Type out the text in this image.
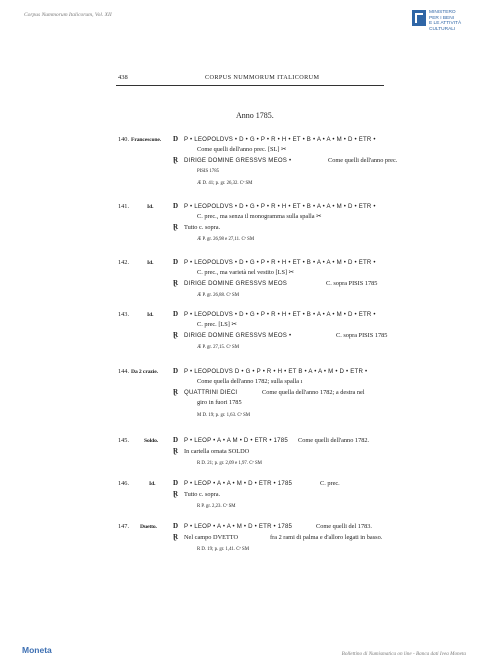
Corpus Nummorum Italicorum, Vol. XII	MINISTERO
PER I BENI
E LE ATTIVITÀ
CULTURALI
438	CORPUS NUMMORUM ITALICORUM
Anno 1785.
140. Francescone. D P • LEOPOLDVS • D • G • P • R • H • ET • B • A • A • M • D • ETR •
Come quelli dell'anno prec. [SL] ✂
Ɽ DIRIGE DOMINE GRESSVS MEOS •	Come quelli dell'anno prec.
PISIS 1785
Æ D. 41; p. gr. 26,32. Cª SM
141.	Id.	D P • LEOPOLDVS • D • G • P • R • H • ET • B • A • A • M • D • ETR •
C. prec., ma senza il monogramma sulla spalla ✂
Ɽ Tutto c. sopra.
Æ P. gr. 26,98 e 27,11. Cª SM
142.	Id.	D P • LEOPOLDVS • D • G • P • R • H • ET • B • A • A • M • D • ETR •
C. prec., ma varietà nel vestito [LS] ✂
Ɽ DIRIGE DOMINE GRESSVS MEOS	C. sopra PISIS 1785
Æ P. gr. 26,88. Cª SM
143.	Id.	D P • LEOPOLDVS • D • G • P • R • H • ET • B • A • A • M • D • ETR •
C. prec. [LS] ✂
Ɽ DIRIGE DOMINE GRESSVS MEOS •	C. sopra PISIS 1785
Æ P. gr. 27,15. Cª SM
144. Da 2 crazie. D P • LEOPOLDVS D • G • P • R • H • ET B • A • A • M • D • ETR •
Come quella dell'anno 1782; sulla spalla ı
Ɽ QUATTRINI DIECI	Come quella dell'anno 1782; a destra nel
giro in fuori 1785
M D. 19; p. gr. 1,63. Cª SM
145.	Soldo. D P • LEOP • A • A M • D • ETR • 1785 Come quelli dell'anno 1782.
Ɽ In cartella ornata SOLDO
R D. 21; p. gr. 2,09 e 1,97. Cª SM
146.	Id.	D P • LEOP • A • A • M • D • ETR • 1785	C. prec.
Ɽ Tutto c. sopra.
R P. gr. 2,23. Cª SM
147. Duetto. D P • LEOP • A • A • M • D • ETR • 1785	Come quelli del 1783.
Ɽ Nel campo DVETTO	fra 2 rami di palma e d'alloro legati in basso.
R D. 19; p. gr. 1,41. Cª SM
Moneta	Bollettino di Numismatica on line - Banca dati Ivea Moneta
